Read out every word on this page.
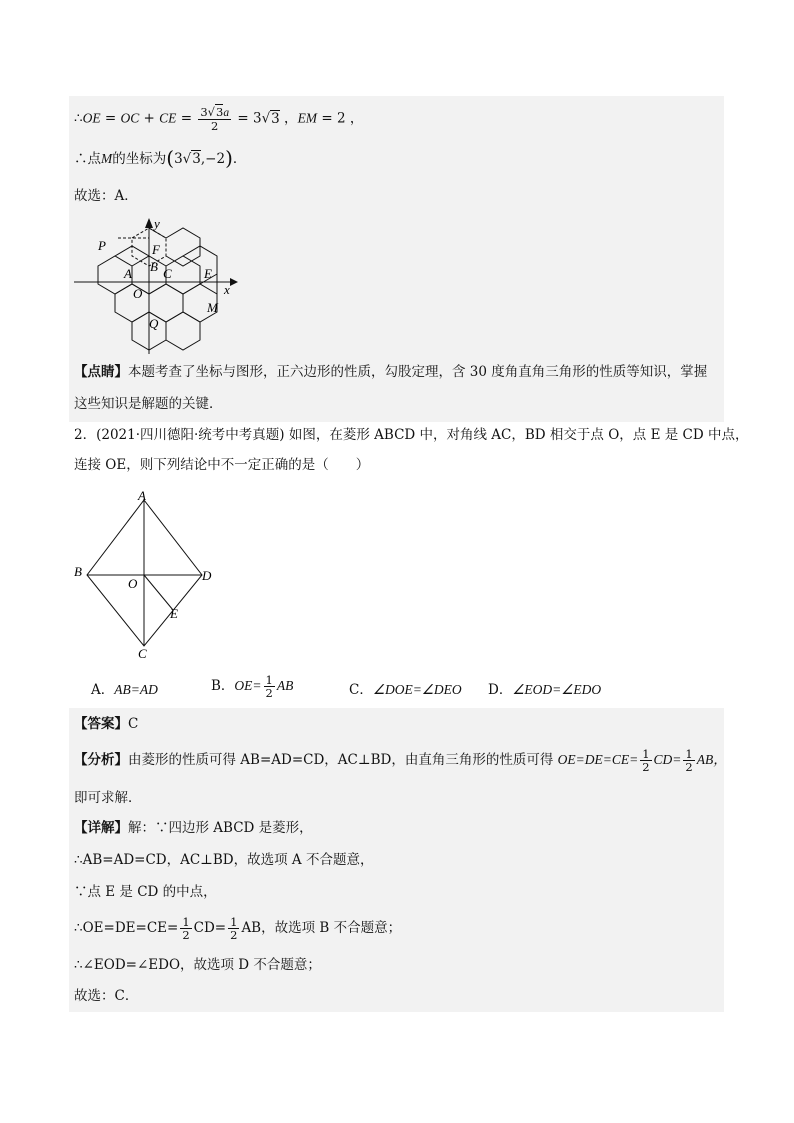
∴OE = OC + CE = $\frac{3√3a}{2} = 3√3$ ，EM = 2 ，
∴点M的坐标为(3√3,−2)．
故选：A．
y
x
P	F
A B C E
O
M
Q
【点睛】本题考查了坐标与图形，正六边形的性质，勾股定理，含 30 度角直角三角形的性质等知识，掌握
这些知识是解题的关键．
2．(2021·四川德阳·统考中考真题) 如图，在菱形 ABCD 中，对角线 AC，BD 相交于点 O，点 E 是 CD 中点，
连接 OE，则下列结论中不一定正确的是（　　）
A
B
C
D
O
E
A．AB=AD	B．$OE= \frac{1}{2}$ AB	C．∠DOE=∠DEO D．∠EOD=∠EDO
【答案】C
【分析】由菱形的性质可得 AB=AD=CD，AC⊥BD，由直角三角形的性质可得 $OE=DE=CE= \frac{1}{2} CD= \frac{1}{2}$ AB，
即可求解．
【详解】解：∵四边形 ABCD 是菱形，
∴AB=AD=CD，AC⊥BD，故选项 A 不合题意，
∵点 E 是 CD 的中点，
∴OE=DE=CE= $\frac{1}{2} CD= \frac{1}{2}$ AB，故选项 B 不合题意；
∴∠EOD=∠EDO，故选项 D 不合题意；
故选：C．
